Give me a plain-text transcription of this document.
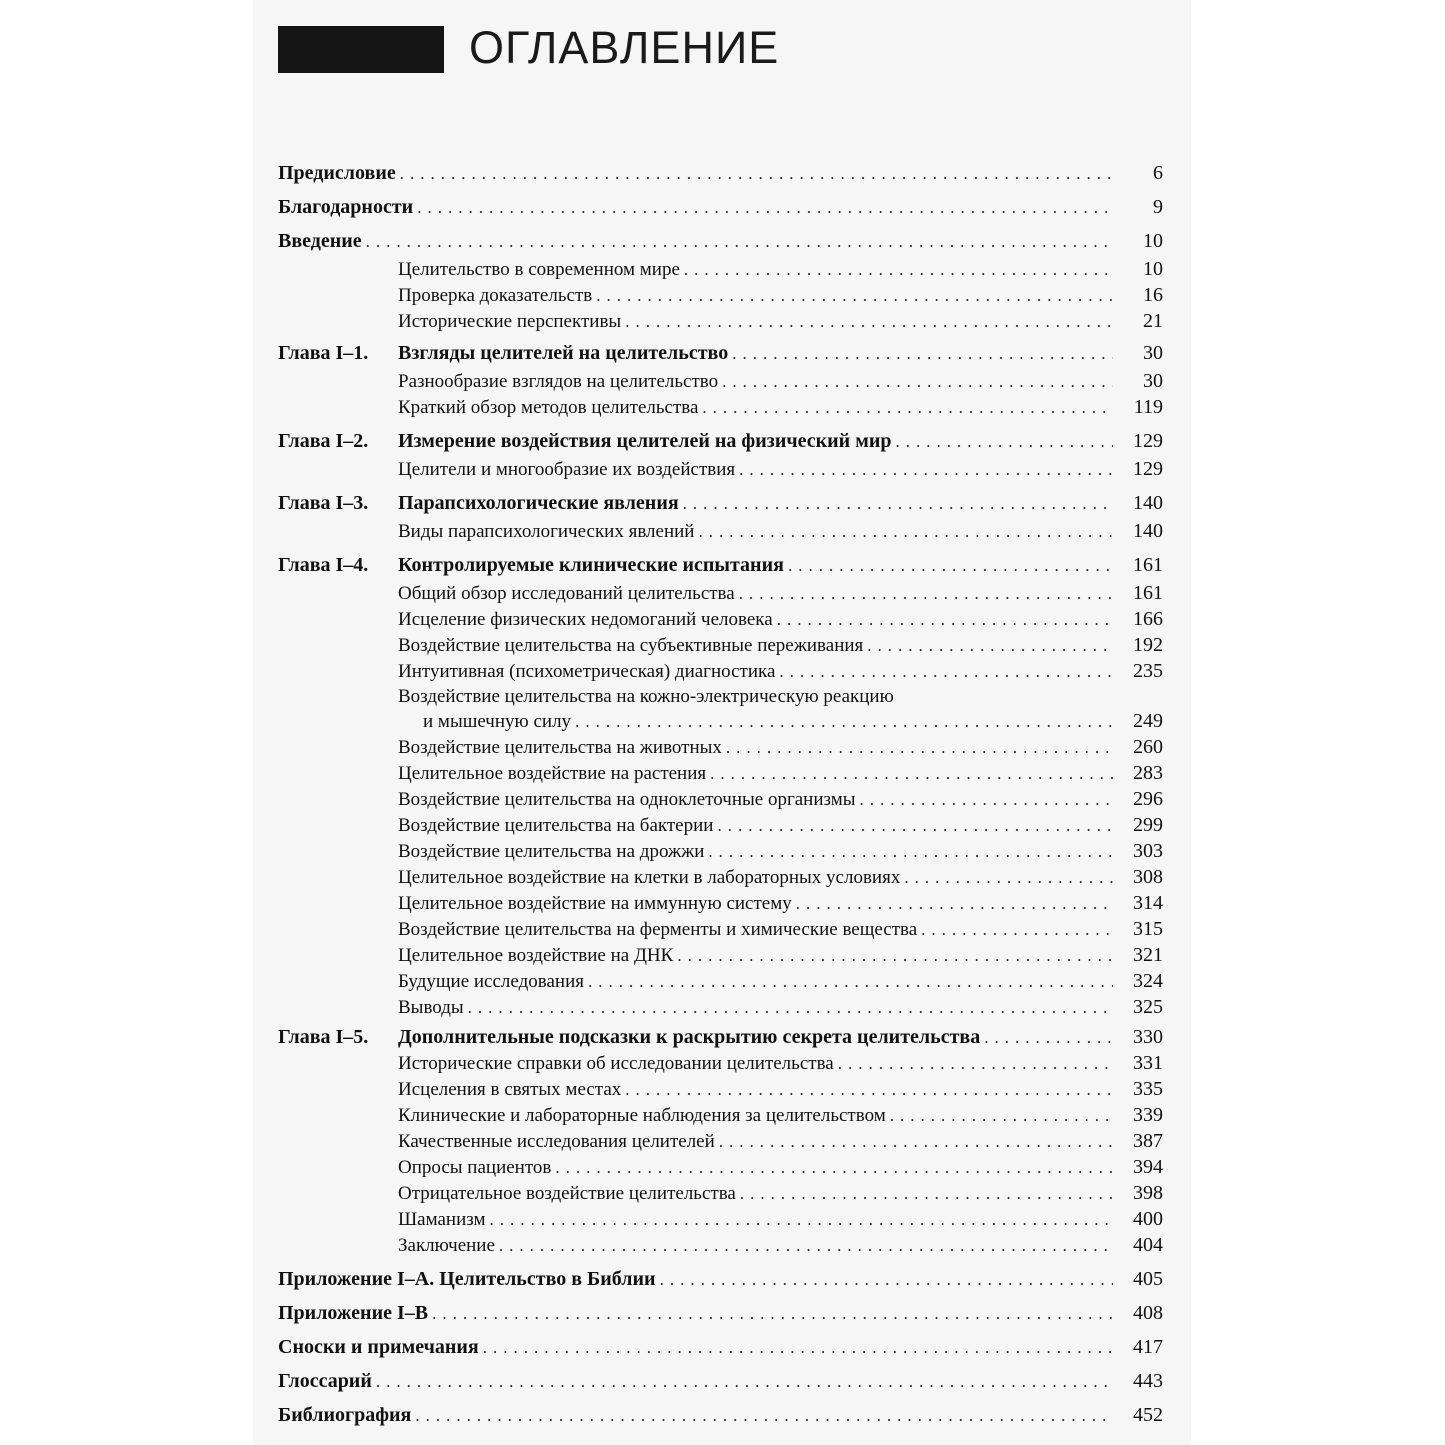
ОГЛАВЛЕНИЕ
Предисловие .....	6
Благодарности .....	9
Введение .....	10
Целительство в современном мире .....	10
Проверка доказательств .....	16
Исторические перспективы .....	21
Глава I–1.	Взгляды целителей на целительство .....	30
Разнообразие взглядов на целительство .....	30
Краткий обзор методов целительства .....	119
Глава I–2.	Измерение воздействия целителей на физический мир .....	129
Целители и многообразие их воздействия .....	129
Глава I–3.	Парапсихологические явления .....	140
Виды парапсихологических явлений .....	140
Глава I–4.	Контролируемые клинические испытания .....	161
Общий обзор исследований целительства .....	161
Исцеление физических недомоганий человека .....	166
Воздействие целительства на субъективные переживания .....	192
Интуитивная (психометрическая) диагностика .....	235
Воздействие целительства на кожно-электрическую реакцию
и мышечную силу .....	249
Воздействие целительства на животных .....	260
Целительное воздействие на растения .....	283
Воздействие целительства на одноклеточные организмы .....	296
Воздействие целительства на бактерии .....	299
Воздействие целительства на дрожжи .....	303
Целительное воздействие на клетки в лабораторных условиях .....	308
Целительное воздействие на иммунную систему .....	314
Воздействие целительства на ферменты и химические вещества .....	315
Целительное воздействие на ДНК .....	321
Будущие исследования .....	324
Выводы .....	325
Глава I–5.	Дополнительные подсказки к раскрытию секрета целительства .....	330
Исторические справки об исследовании целительства .....	331
Исцеления в святых местах .....	335
Клинические и лабораторные наблюдения за целительством .....	339
Качественные исследования целителей .....	387
Опросы пациентов .....	394
Отрицательное воздействие целительства .....	398
Шаманизм .....	400
Заключение .....	404
Приложение I–А. Целительство в Библии .....	405
Приложение I–В .....	408
Сноски и примечания .....	417
Глоссарий .....	443
Библиография .....	452
